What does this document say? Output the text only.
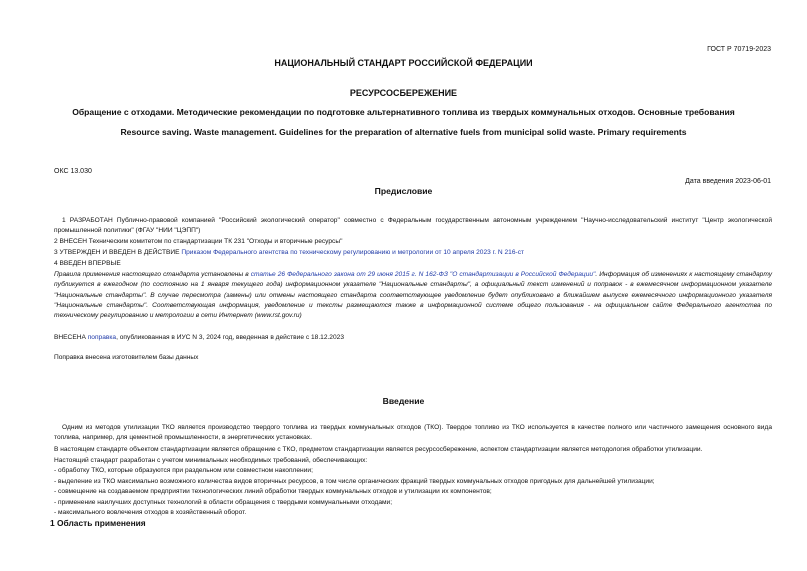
ГОСТ Р 70719-2023
НАЦИОНАЛЬНЫЙ СТАНДАРТ РОССИЙСКОЙ ФЕДЕРАЦИИ
РЕСУРСОСБЕРЕЖЕНИЕ
Обращение с отходами. Методические рекомендации по подготовке альтернативного топлива из твердых коммунальных отходов. Основные требования
Resource saving. Waste management. Guidelines for the preparation of alternative fuels from municipal solid waste. Primary requirements
ОКС 13.030
Дата введения 2023-06-01
Предисловие
1 РАЗРАБОТАН Публично-правовой компанией "Российский экологический оператор" совместно с Федеральным государственным автономным учреждением "Научно-исследовательский институт "Центр экологической промышленной политики" (ФГАУ "НИИ "ЦЭПП")
2 ВНЕСЕН Техническим комитетом по стандартизации ТК 231 "Отходы и вторичные ресурсы"
3 УТВЕРЖДЕН И ВВЕДЕН В ДЕЙСТВИЕ Приказом Федерального агентства по техническому регулированию и метрологии от 10 апреля 2023 г. N 216-ст
4 ВВЕДЕН ВПЕРВЫЕ
Правила применения настоящего стандарта установлены в статье 26 Федерального закона от 29 июня 2015 г. N 162-ФЗ "О стандартизации в Российской Федерации". Информация об изменениях к настоящему стандарту публикуется в ежегодном (по состоянию на 1 января текущего года) информационном указателе "Национальные стандарты", а официальный текст изменений и поправок - в ежемесячном информационном указателе "Национальные стандарты". В случае пересмотра (замены) или отмены настоящего стандарта соответствующее уведомление будет опубликовано в ближайшем выпуске ежемесячного информационного указателя "Национальные стандарты". Соответствующая информация, уведомление и тексты размещаются также в информационной системе общего пользования - на официальном сайте Федерального агентства по техническому регулированию и метрологии в сети Интернет (www.rst.gov.ru)
ВНЕСЕНА поправка, опубликованная в ИУС N 3, 2024 год, введенная в действие с 18.12.2023
Поправка внесена изготовителем базы данных
Введение
Одним из методов утилизации ТКО является производство твердого топлива из твердых коммунальных отходов (ТКО). Твердое топливо из ТКО используется в качестве полного или частичного замещения основного вида топлива, например, для цементной промышленности, в энергетических установках.
В настоящем стандарте объектом стандартизации является обращение с ТКО, предметом стандартизации является ресурсосбережение, аспектом стандартизации является методология обработки утилизации.
Настоящий стандарт разработан с учетом минимальных необходимых требований, обеспечивающих:
- обработку ТКО, которые образуются при раздельном или совместном накоплении;
- выделение из ТКО максимально возможного количества видов вторичных ресурсов, в том числе органических фракций твердых коммунальных отходов пригодных для дальнейшей утилизации;
- совмещение на создаваемом предприятии технологических линий обработки твердых коммунальных отходов и утилизации их компонентов;
- применение наилучших доступных технологий в области обращения с твердыми коммунальными отходами;
- максимального вовлечения отходов в хозяйственный оборот.
1 Область применения
